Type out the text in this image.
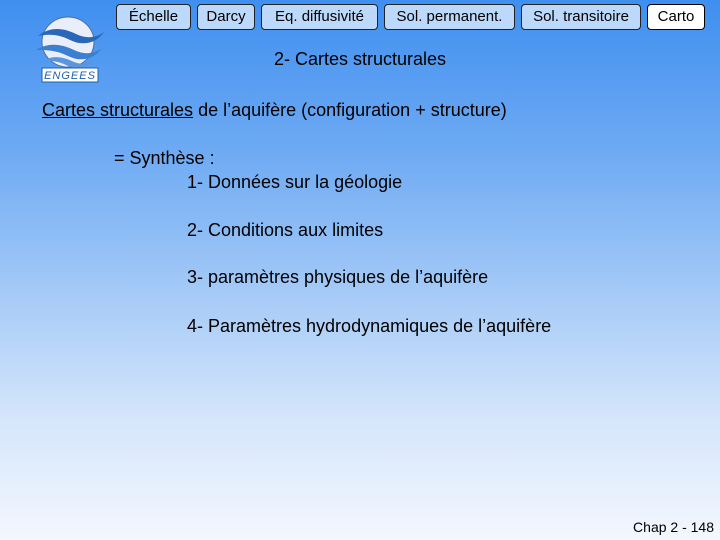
ENGEES
Échelle	Darcy	Eq. diffusivité	Sol. permanent.	Sol. transitoire	Carto
2- Cartes structurales
Cartes structurales de l’aquifère (configuration + structure)
= Synthèse :
1- Données sur la géologie
2- Conditions aux limites
3- paramètres physiques de l’aquifère
4- Paramètres hydrodynamiques de l’aquifère
Chap 2 - 148
